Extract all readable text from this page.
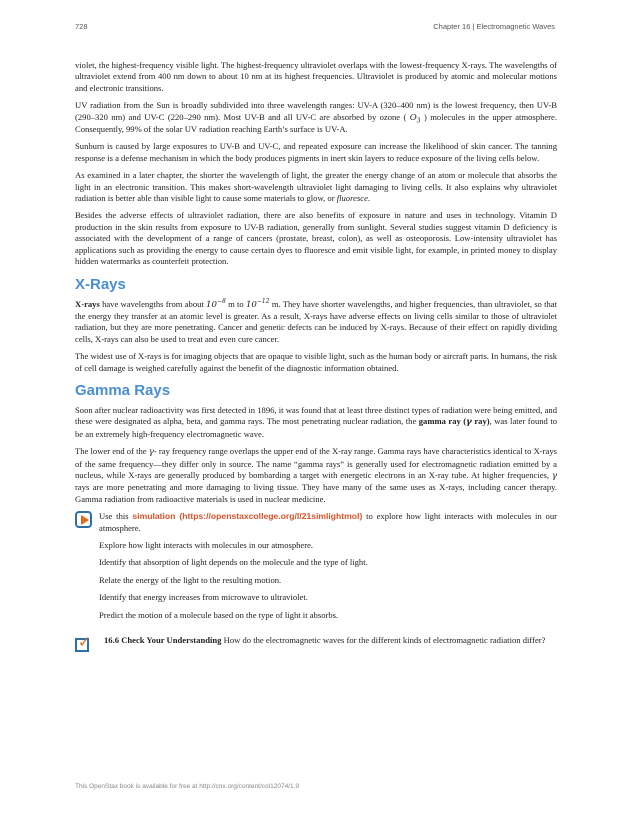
728	Chapter 16 | Electromagnetic Waves

violet, the highest-frequency visible light. The highest-frequency ultraviolet overlaps with the lowest-frequency X-rays. The wavelengths of ultraviolet extend from 400 nm down to about 10 nm at its highest frequencies. Ultraviolet is produced by atomic and molecular motions and electronic transitions.

UV radiation from the Sun is broadly subdivided into three wavelength ranges: UV-A (320–400 nm) is the lowest frequency, then UV-B (290–320 nm) and UV-C (220–290 nm). Most UV-B and all UV-C are absorbed by ozone ( $O_3$ ) molecules in the upper atmosphere. Consequently, 99% of the solar UV radiation reaching Earth’s surface is UV-A.

Sunburn is caused by large exposures to UV-B and UV-C, and repeated exposure can increase the likelihood of skin cancer. The tanning response is a defense mechanism in which the body produces pigments in inert skin layers to reduce exposure of the living cells below.

As examined in a later chapter, the shorter the wavelength of light, the greater the energy change of an atom or molecule that absorbs the light in an electronic transition. This makes short-wavelength ultraviolet light damaging to living cells. It also explains why ultraviolet radiation is better able than visible light to cause some materials to glow, or fluoresce.

Besides the adverse effects of ultraviolet radiation, there are also benefits of exposure in nature and uses in technology. Vitamin D production in the skin results from exposure to UV-B radiation, generally from sunlight. Several studies suggest vitamin D deficiency is associated with the development of a range of cancers (prostate, breast, colon), as well as osteoporosis. Low-intensity ultraviolet has applications such as providing the energy to cause certain dyes to fluoresce and emit visible light, for example, in printed money to display hidden watermarks as counterfeit protection.

X-Rays

X-rays have wavelengths from about $10^{-8}$ m to $10^{-12}$ m. They have shorter wavelengths, and higher frequencies, than ultraviolet, so that the energy they transfer at an atomic level is greater. As a result, X-rays have adverse effects on living cells similar to those of ultraviolet radiation, but they are more penetrating. Cancer and genetic defects can be induced by X-rays. Because of their effect on rapidly dividing cells, X-rays can also be used to treat and even cure cancer.

The widest use of X-rays is for imaging objects that are opaque to visible light, such as the human body or aircraft parts. In humans, the risk of cell damage is weighed carefully against the benefit of the diagnostic information obtained.

Gamma Rays

Soon after nuclear radioactivity was first detected in 1896, it was found that at least three distinct types of radiation were being emitted, and these were designated as alpha, beta, and gamma rays. The most penetrating nuclear radiation, the gamma ray (γ ray), was later found to be an extremely high-frequency electromagnetic wave.

The lower end of the γ- ray frequency range overlaps the upper end of the X-ray range. Gamma rays have characteristics identical to X-rays of the same frequency—they differ only in source. The name “gamma rays” is generally used for electromagnetic radiation emitted by a nucleus, while X-rays are generally produced by bombarding a target with energetic electrons in an X-ray tube. At higher frequencies, γ rays are more penetrating and more damaging to living tissue. They have many of the same uses as X-rays, including cancer therapy. Gamma radiation from radioactive materials is used in nuclear medicine.

Use this simulation (https://openstaxcollege.org/l/21simlightmol) to explore how light interacts with molecules in our atmosphere.

Explore how light interacts with molecules in our atmosphere.

Identify that absorption of light depends on the molecule and the type of light.

Relate the energy of the light to the resulting motion.

Identify that energy increases from microwave to ultraviolet.

Predict the motion of a molecule based on the type of light it absorbs.

✓ 16.6 Check Your Understanding How do the electromagnetic waves for the different kinds of electromagnetic radiation differ?

This OpenStax book is available for free at http://cnx.org/content/col12074/1.9
